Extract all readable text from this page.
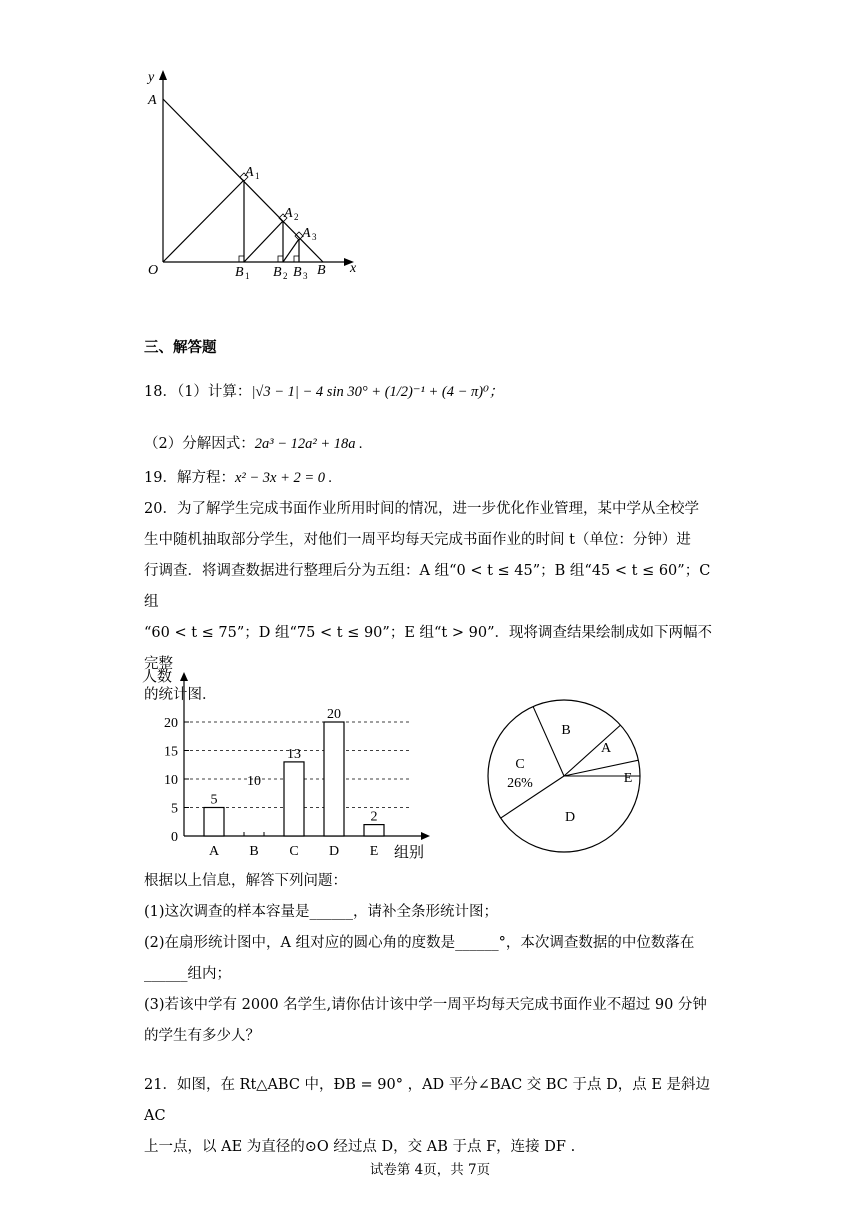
y
x
A
O	B
A
A
A
B B B
1
2
3
1	2 3
三、解答题
18．（1）计算：|√3 − 1| − 4 sin 30° + (1/2)⁻¹ + (4 − π)⁰；
（2）分解因式：2a³ − 12a² + 18a .
19．解方程：x² − 3x + 2 = 0 .
20．为了解学生完成书面作业所用时间的情况，进一步优化作业管理，某中学从全校学
生中随机抽取部分学生，对他们一周平均每天完成书面作业的时间 t（单位：分钟）进
行调查．将调查数据进行整理后分为五组：A 组“0 < t ≤ 45”；B 组“45 < t ≤ 60”；C 组
“60 < t ≤ 75”；D 组“75 < t ≤ 90”；E 组“t > 90”．现将调查结果绘制成如下两幅不完整
的统计图．
人数
0
5
10
15
20
5
A
10
B
13
C
20
D
2
E 组别
A
B
C
26%
D
E
根据以上信息，解答下列问题：
(1)这次调查的样本容量是______，请补全条形统计图；
(2)在扇形统计图中，A 组对应的圆心角的度数是______°，本次调查数据的中位数落在
______组内；
(3)若该中学有 2000 名学生,请你估计该中学一周平均每天完成书面作业不超过 90 分钟
的学生有多少人？
21．如图，在 Rt△ABC 中，ÐB = 90° ，AD 平分∠BAC 交 BC 于点 D，点 E 是斜边 AC
上一点，以 AE 为直径的⊙O 经过点 D，交 AB 于点 F，连接 DF .
试卷第 4页，共 7页
